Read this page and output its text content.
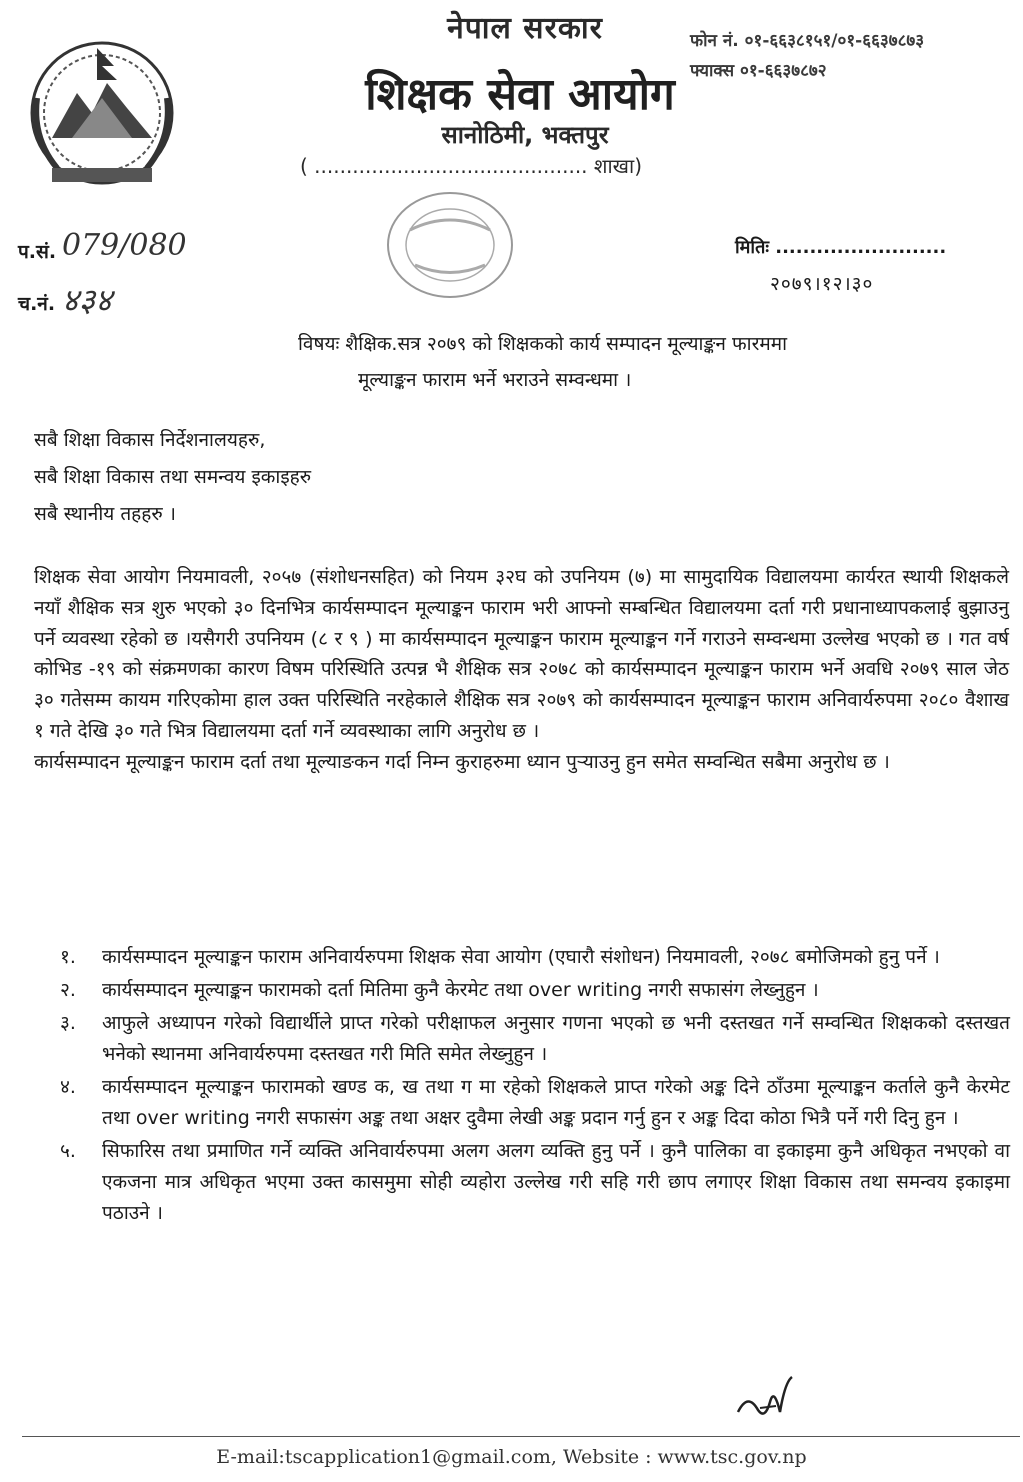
नेपाल सरकार
शिक्षक सेवा आयोग
सानोठिमी, भक्तपुर
( ........................................... शाखा)
फोन नं. ०१-६६३८१५१/०१-६६३७८७३
फ्याक्स ०१-६६३७८७२
प.सं. 079/080
च.नं. ४३४
मितिः .........................
२०७९।१२।३०
विषयः शैक्षिक.सत्र २०७९ को शिक्षकको कार्य सम्पादन मूल्याङ्कन फारममा
मूल्याङ्कन फाराम भर्ने भराउने सम्वन्धमा ।
सबै शिक्षा विकास निर्देशनालयहरु,
सबै शिक्षा विकास तथा समन्वय इकाइहरु
सबै स्थानीय तहहरु ।
शिक्षक सेवा आयोग नियमावली, २०५७ (संशोधनसहित) को नियम ३२घ को उपनियम (७) मा सामुदायिक विद्यालयमा कार्यरत स्थायी शिक्षकले नयाँ शैक्षिक सत्र शुरु भएको ३० दिनभित्र कार्यसम्पादन मूल्याङ्कन फाराम भरी आफ्नो सम्बन्धित विद्यालयमा दर्ता गरी प्रधानाध्यापकलाई बुझाउनु पर्ने व्यवस्था रहेको छ ।यसैगरी उपनियम (८ र ९ ) मा कार्यसम्पादन मूल्याङ्कन फाराम मूल्याङ्कन गर्ने गराउने सम्वन्धमा उल्लेख भएको छ । गत वर्ष कोभिड -१९ को संक्रमणका कारण विषम परिस्थिति उत्पन्न भै शैक्षिक सत्र २०७८ को कार्यसम्पादन मूल्याङ्कन फाराम भर्ने अवधि २०७९ साल जेठ ३० गतेसम्म कायम गरिएकोमा हाल उक्त परिस्थिति नरहेकाले शैक्षिक सत्र २०७९ को कार्यसम्पादन मूल्याङ्कन फाराम अनिवार्यरुपमा २०८० वैशाख १ गते देखि ३० गते भित्र विद्यालयमा दर्ता गर्ने व्यवस्थाका लागि अनुरोध छ ।
कार्यसम्पादन मूल्याङ्कन फाराम दर्ता तथा मूल्याङकन गर्दा निम्न कुराहरुमा ध्यान पुऱ्याउनु हुन समेत सम्वन्धित सबैमा अनुरोध छ ।
१.	कार्यसम्पादन मूल्याङ्कन फाराम अनिवार्यरुपमा शिक्षक सेवा आयोग (एघारौ संशोधन) नियमावली, २०७८ बमोजिमको हुनु पर्ने ।
२.	कार्यसम्पादन मूल्याङ्कन फारामको दर्ता मितिमा कुनै केरमेट तथा over writing नगरी सफासंग लेख्नुहुन ।
३.	आफुले अध्यापन गरेको विद्यार्थीले प्राप्त गरेको परीक्षाफल अनुसार गणना भएको छ भनी दस्तखत गर्ने सम्वन्धित शिक्षकको दस्तखत भनेको स्थानमा अनिवार्यरुपमा दस्तखत गरी मिति समेत लेख्नुहुन ।
४.	कार्यसम्पादन मूल्याङ्कन फारामको खण्ड क, ख तथा ग मा रहेको शिक्षकले प्राप्त गरेको अङ्क दिने ठाँउमा मूल्याङ्कन कर्ताले कुनै केरमेट तथा over writing नगरी सफासंग अङ्क तथा अक्षर दुवैमा लेखी अङ्क प्रदान गर्नु हुन र अङ्क दिदा कोठा भित्रै पर्ने गरी दिनु हुन ।
५.	सिफारिस तथा प्रमाणित गर्ने व्यक्ति अनिवार्यरुपमा अलग अलग व्यक्ति हुनु पर्ने । कुनै पालिका वा इकाइमा कुनै अधिकृत नभएको वा एकजना मात्र अधिकृत भएमा उक्त कासमुमा सोही व्यहोरा उल्लेख गरी सहि गरी छाप लगाएर शिक्षा विकास तथा समन्वय इकाइमा पठाउने ।
E-mail:tscapplication1@gmail.com, Website : www.tsc.gov.np
